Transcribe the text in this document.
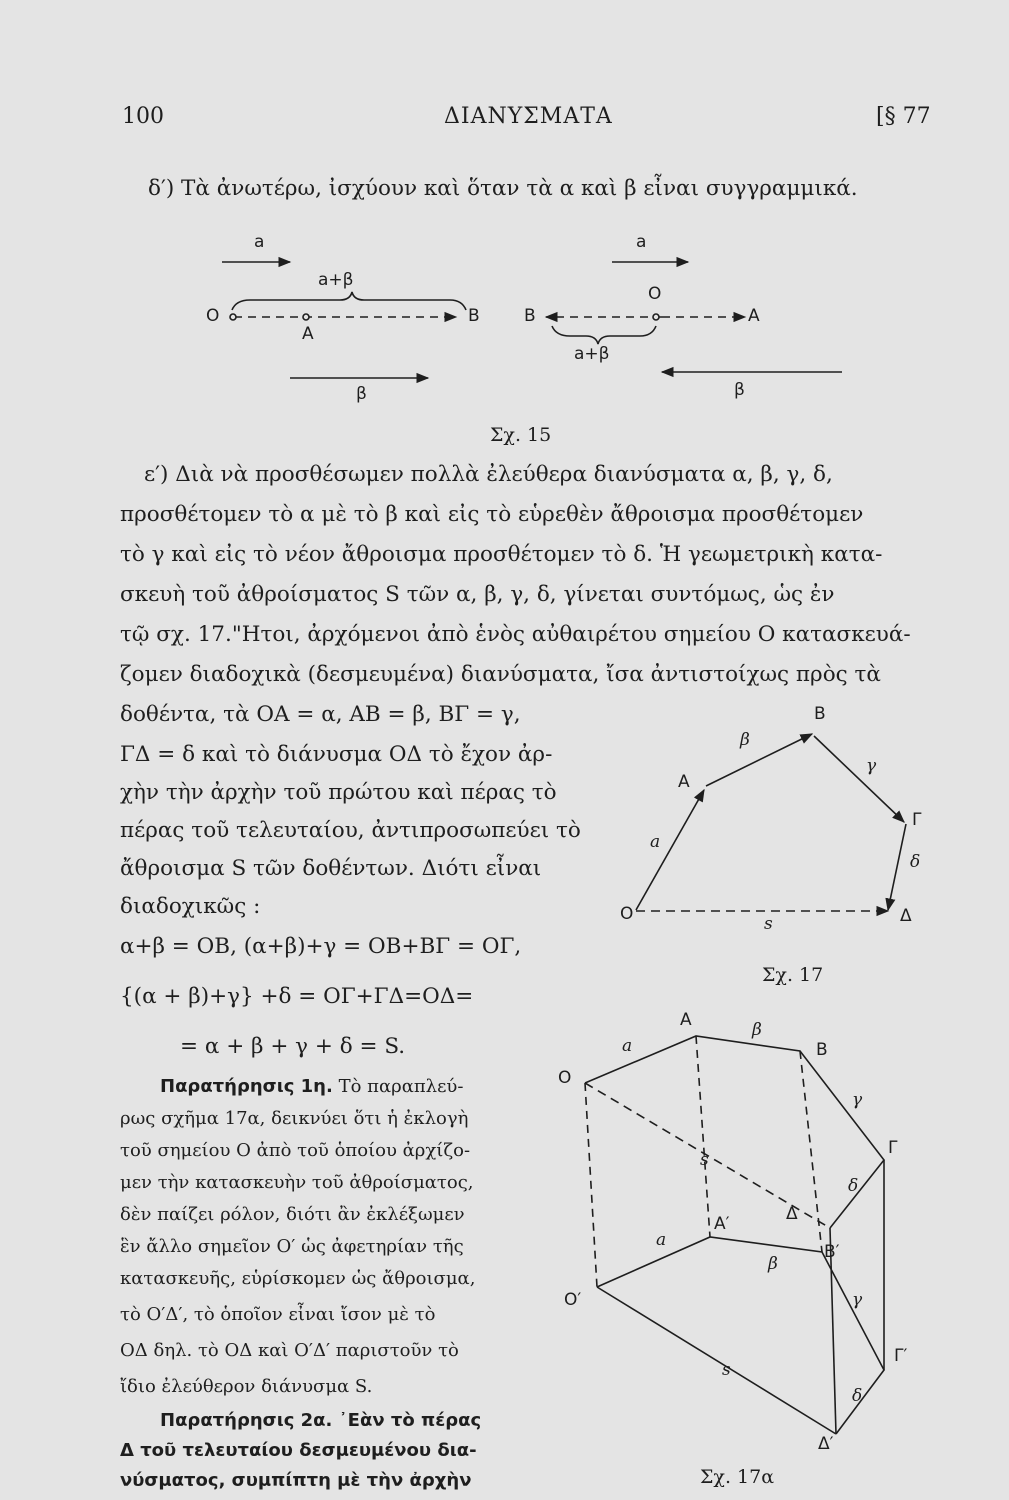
100	ΔΙΑΝΥΣΜΑΤΑ	[§ 77
δ′) Τὰ ἀνωτέρω, ἰσχύουν καὶ ὅταν τὰ α καὶ β εἶναι συγγραμμικά.
a
a+β
O
A
B
β
a
O
B	A
a+β
β
Σχ. 15
ε′) Διὰ νὰ προσθέσωμεν πολλὰ ἐλεύθερα διανύσματα α, β, γ, δ,
προσθέτομεν τὸ α μὲ τὸ β καὶ εἰς τὸ εὑρεθὲν ἄθροισμα προσθέτομεν
τὸ γ καὶ εἰς τὸ νέον ἄθροισμα προσθέτομεν τὸ δ. Ἡ γεωμετρικὴ κατα-
σκευὴ τοῦ ἀθροίσματος S τῶν α, β, γ, δ, γίνεται συντόμως, ὡς ἐν
τῷ σχ. 17."Ητοι, ἀρχόμενοι ἀπὸ ἑνὸς αὐθαιρέτου σημείου O κατασκευά-
ζομεν διαδοχικὰ (δεσμευμένα) διανύσματα, ἴσα ἀντιστοίχως πρὸς τὰ
δοθέντα, τὰ OA = α, AB = β, BΓ = γ,
ΓΔ = δ καὶ τὸ διάνυσμα OΔ τὸ ἔχον ἀρ-
χὴν τὴν ἀρχὴν τοῦ πρώτου καὶ πέρας τὸ
πέρας τοῦ τελευταίου, ἀντιπροσωπεύει τὸ
ἄθροισμα S τῶν δοθέντων. Διότι εἶναι
διαδοχικῶς :
α+β = OB, (α+β)+γ = OB+BΓ = OΓ,
{(α + β)+γ} +δ = OΓ+ΓΔ=OΔ=
= α + β + γ + δ = S.
Παρατήρησις 1η. Τὸ παραπλεύ-
ρως σχῆμα 17α, δεικνύει ὅτι ἡ ἐκλογὴ
τοῦ σημείου O ἀπὸ τοῦ ὁποίου ἀρχίζο-
μεν τὴν κατασκευὴν τοῦ ἀθροίσματος,
δὲν παίζει ρόλον, διότι ἂν ἐκλέξωμεν
ἓν ἄλλο σημεῖον O′ ὡς ἀφετηρίαν τῆς
κατασκευῆς, εὑρίσκομεν ὡς ἄθροισμα,
τὸ O′Δ′, τὸ ὁποῖον εἶναι ἴσον μὲ τὸ
OΔ δηλ. τὸ OΔ καὶ O′Δ′ παριστοῦν τὸ
ἴδιο ἐλεύθερον διάνυσμα S.
Παρατήρησις 2α. ᾿Εὰν τὸ πέρας
Δ τοῦ τελευταίου δεσμευμένου δια-
νύσματος, συμπίπτη μὲ τὴν ἀρχὴν
O
A
B
Γ
Δ
a
β
γ
δ
s
Σχ. 17
O
A
B
Γ
Δ
O′
A′
B′
Γ′
Δ′
a
β
γ
δ
s
a
β
γ
δ
s
Σχ. 17α
